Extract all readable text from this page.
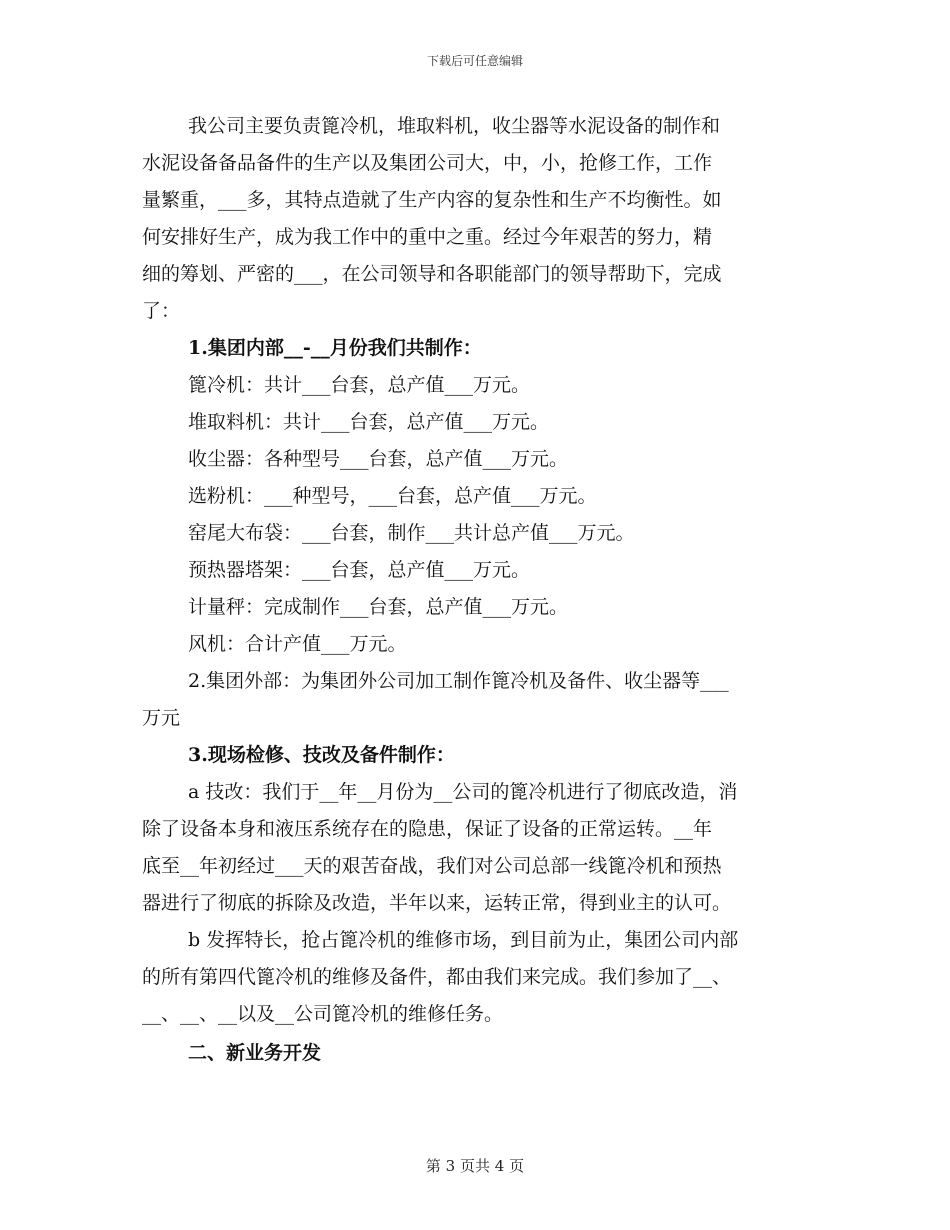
下载后可任意编辑

我公司主要负责篦冷机，堆取料机，收尘器等水泥设备的制作和

水泥设备备品备件的生产以及集团公司大，中，小，抢修工作，工作

量繁重，___多，其特点造就了生产内容的复杂性和生产不均衡性。如

何安排好生产，成为我工作中的重中之重。经过今年艰苦的努力，精

细的筹划、严密的___，在公司领导和各职能部门的领导帮助下，完成

了：

1.集团内部__-__月份我们共制作：

篦冷机：共计___台套，总产值___万元。

堆取料机：共计___台套，总产值___万元。

收尘器：各种型号___台套，总产值___万元。

选粉机：___种型号，___台套，总产值___万元。

窑尾大布袋：___台套，制作___共计总产值___万元。

预热器塔架：___台套，总产值___万元。

计量秤：完成制作___台套，总产值___万元。

风机：合计产值___万元。

2.集团外部：为集团外公司加工制作篦冷机及备件、收尘器等___

万元

3.现场检修、技改及备件制作：

a 技改：我们于__年__月份为__公司的篦冷机进行了彻底改造，消

除了设备本身和液压系统存在的隐患，保证了设备的正常运转。__年

底至__年初经过___天的艰苦奋战，我们对公司总部一线篦冷机和预热

器进行了彻底的拆除及改造，半年以来，运转正常，得到业主的认可。

b 发挥特长，抢占篦冷机的维修市场，到目前为止，集团公司内部

的所有第四代篦冷机的维修及备件，都由我们来完成。我们参加了__、

__、__、__以及__公司篦冷机的维修任务。

二、新业务开发

第 3 页共 4 页
